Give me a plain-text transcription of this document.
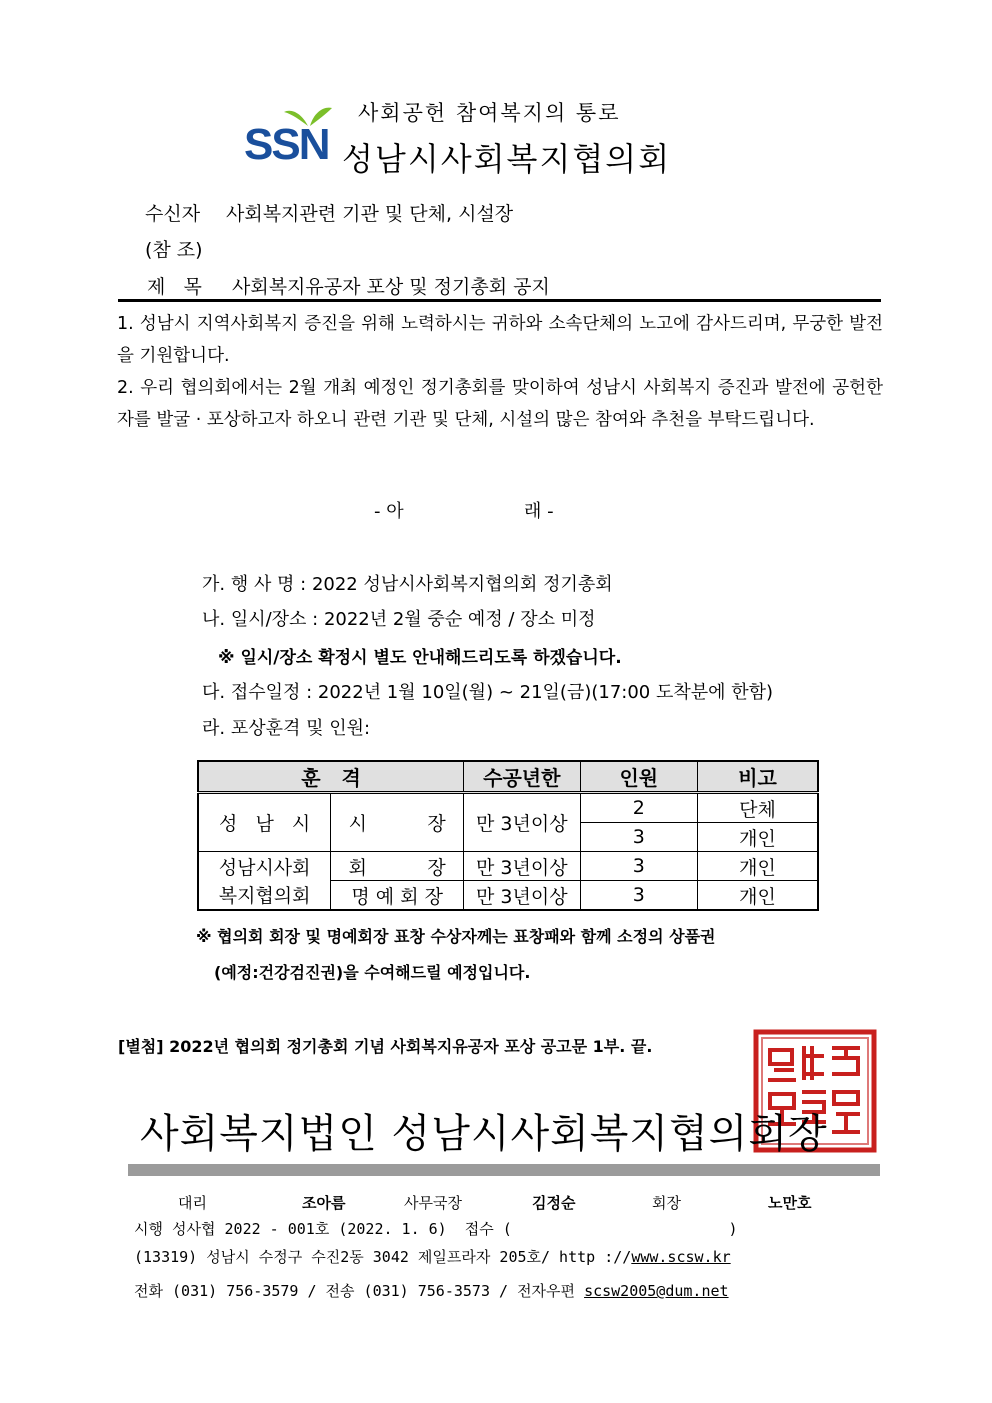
SSN
사회공헌 참여복지의 통로
성남시사회복지협의회
수신자 사회복지관련 기관 및 단체, 시설장
(참 조)
제   목 사회복지유공자 포상 및 정기총회 공지
1. 성남시 지역사회복지 증진을 위해 노력하시는 귀하와 소속단체의 노고에 감사드리며, 무궁한 발전을 기원합니다.
2. 우리 협의회에서는 2월 개최 예정인 정기총회를 맞이하여 성남시 사회복지 증진과 발전에 공헌한 자를 발굴 · 포상하고자 하오니 관련 기관 및 단체, 시설의 많은 참여와 추천을 부탁드립니다.
- 아	래 -
가. 행 사 명 : 2022 성남시사회복지협의회 정기총회
나. 일시/장소 : 2022년 2월 중순 예정 / 장소 미정
※ 일시/장소 확정시 별도 안내해드리도록 하겠습니다.
다. 접수일정 : 2022년 1월 10일(월) ~ 21일(금)(17:00 도착분에 한함)
라. 포상훈격 및 인원:
훈   격		수공년한	인원	비고
성   남   시	시          장	만 3년이상	2	단체
			3	개인
성남시사회	회          장	만 3년이상	3	개인
복지협의회	명 예 회 장	만 3년이상	3	개인
※ 협의회 회장 및 명예회장 표창 수상자께는 표창패와 함께 소정의 상품권
(예정:건강검진권)을 수여해드릴 예정입니다.
[별첨] 2022년 협의회 정기총회 기념 사회복지유공자 포상 공고문 1부. 끝.
사회복지법인 성남시사회복지협의회장
대리	조아름	사무국장	김정순	회장	노만호
시행 성사협 2022 - 001호 (2022. 1. 6)  접수 (                        )
(13319) 성남시 수정구 수진2동 3042 제일프라자 205호/ http ://www.scsw.kr
전화 (031) 756-3579 / 전송 (031) 756-3573 / 전자우편 scsw2005@dum.net
